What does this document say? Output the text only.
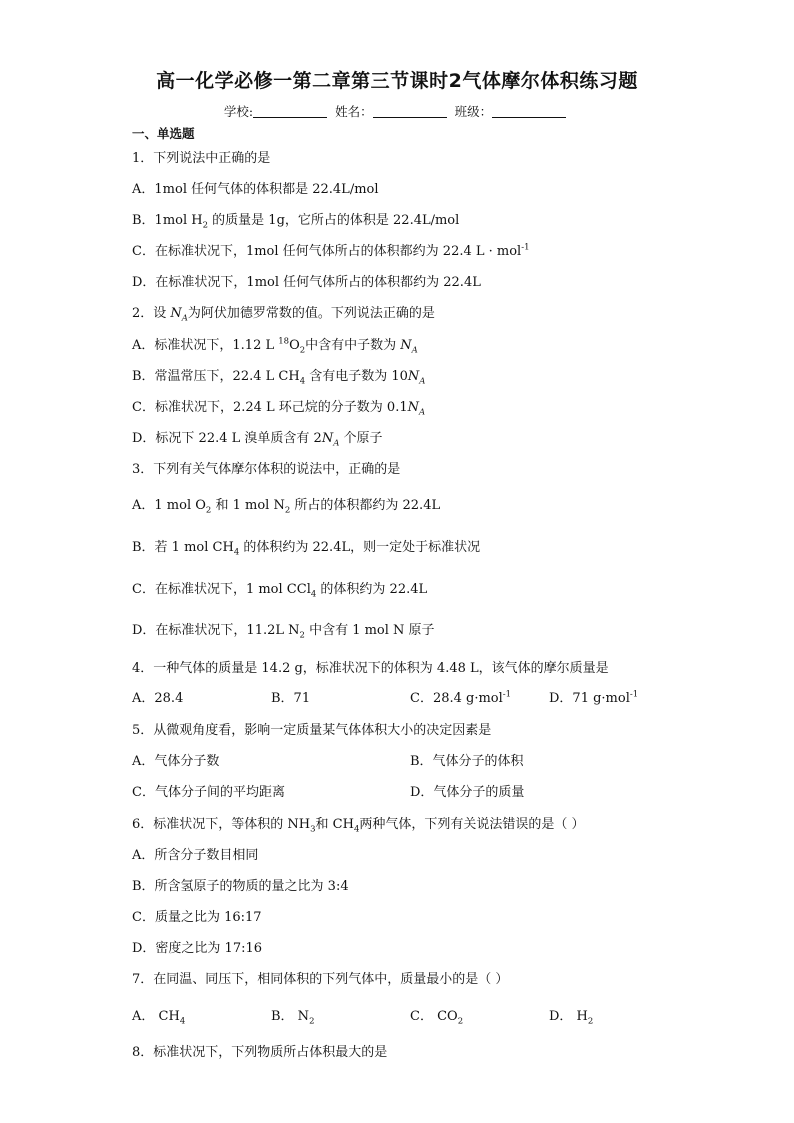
高一化学必修一第二章第三节课时2气体摩尔体积练习题
学校:	姓名：	班级：
一、单选题
1．下列说法中正确的是
A．1mol 任何气体的体积都是 22.4L/mol
B．1mol $H_2$ 的质量是 1g，它所占的体积是 22.4L/mol
C．在标准状况下，1mol 任何气体所占的体积都约为 22.4 L · mol$^{-1}$
D．在标准状况下，1mol 任何气体所占的体积都约为 22.4L
2．设 $N_A$为阿伏加德罗常数的值。下列说法正确的是
A．标准状况下，1.12 L $^{18}O_2$中含有中子数为 $N_A$
B．常温常压下，22.4 L $CH_4$ 含有电子数为 $10N_A$
C．标准状况下，2.24 L 环己烷的分子数为 $0.1N_A$
D．标况下 22.4 L 溴单质含有 $2N_A$ 个原子
3．下列有关气体摩尔体积的说法中，正确的是
A．1 mol $O_2$ 和 1 mol $N_2$ 所占的体积都约为 22.4L
B．若 1 mol $CH_4$ 的体积约为 22.4L，则一定处于标准状况
C．在标准状况下，1 mol CCl$_4$ 的体积约为 22.4L
D．在标准状况下，11.2L $N_2$ 中含有 1 mol N 原子
4．一种气体的质量是 14.2 g，标准状况下的体积为 4.48 L，该气体的摩尔质量是
A．28.4	B．71	C．28.4 g·mol$^{-1}$	D．71 g·mol$^{-1}$
5．从微观角度看，影响一定质量某气体体积大小的决定因素是
A．气体分子数	B．气体分子的体积
C．气体分子间的平均距离	D．气体分子的质量
6．标准状况下，等体积的 $NH_3$和 $CH_4$两种气体，下列有关说法错误的是（ ）
A．所含分子数目相同
B．所含氢原子的物质的量之比为 3:4
C．质量之比为 16:17
D．密度之比为 17:16
7．在同温、同压下，相同体积的下列气体中，质量最小的是（ ）
A． $CH_4$	B． $N_2$	C． $CO_2$	D． $H_2$
8．标准状况下，下列物质所占体积最大的是
